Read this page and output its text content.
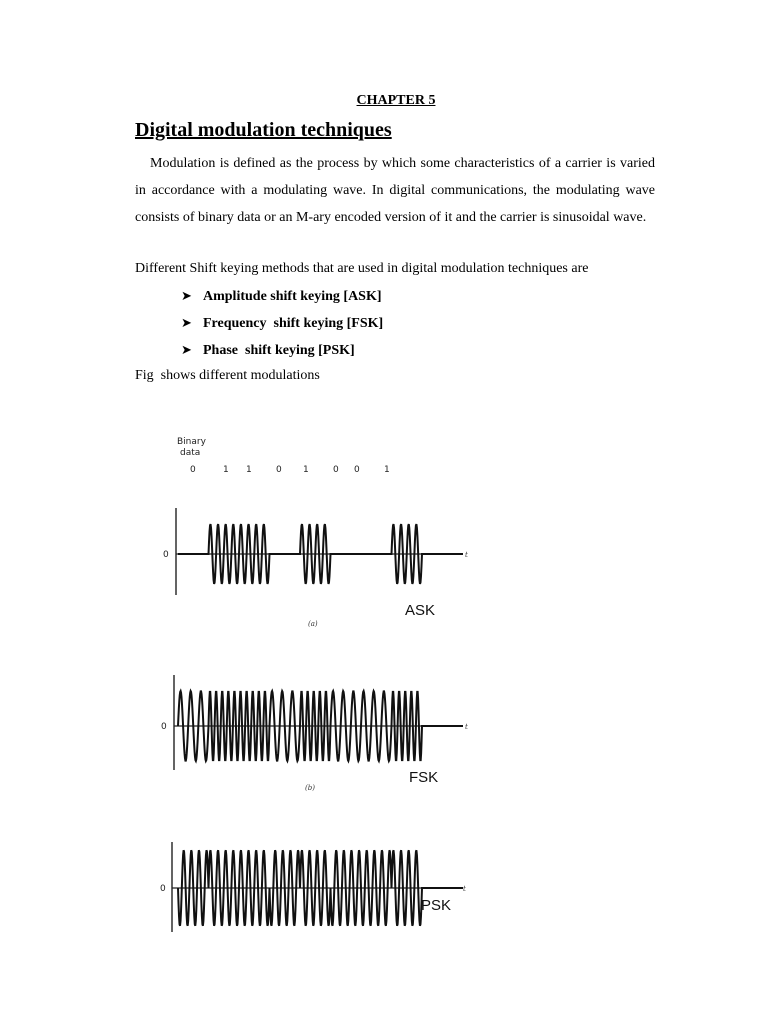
CHAPTER 5
Digital modulation techniques
Modulation is defined as the process by which some characteristics of a carrier is varied in accordance with a modulating wave. In digital communications, the modulating wave consists of binary data or an M-ary encoded version of it and the carrier is sinusoidal wave.
Different Shift keying methods that are used in digital modulation techniques are
➤ Amplitude shift keying [ASK]
➤ Frequency  shift keying [FSK]
➤ Phase  shift keying [PSK]
Fig  shows different modulations
Binary
data
0	1 1	0 1	0 0	1
0	t
ASK
(a)
0	t
FSK
(b)
0	t
PSK
